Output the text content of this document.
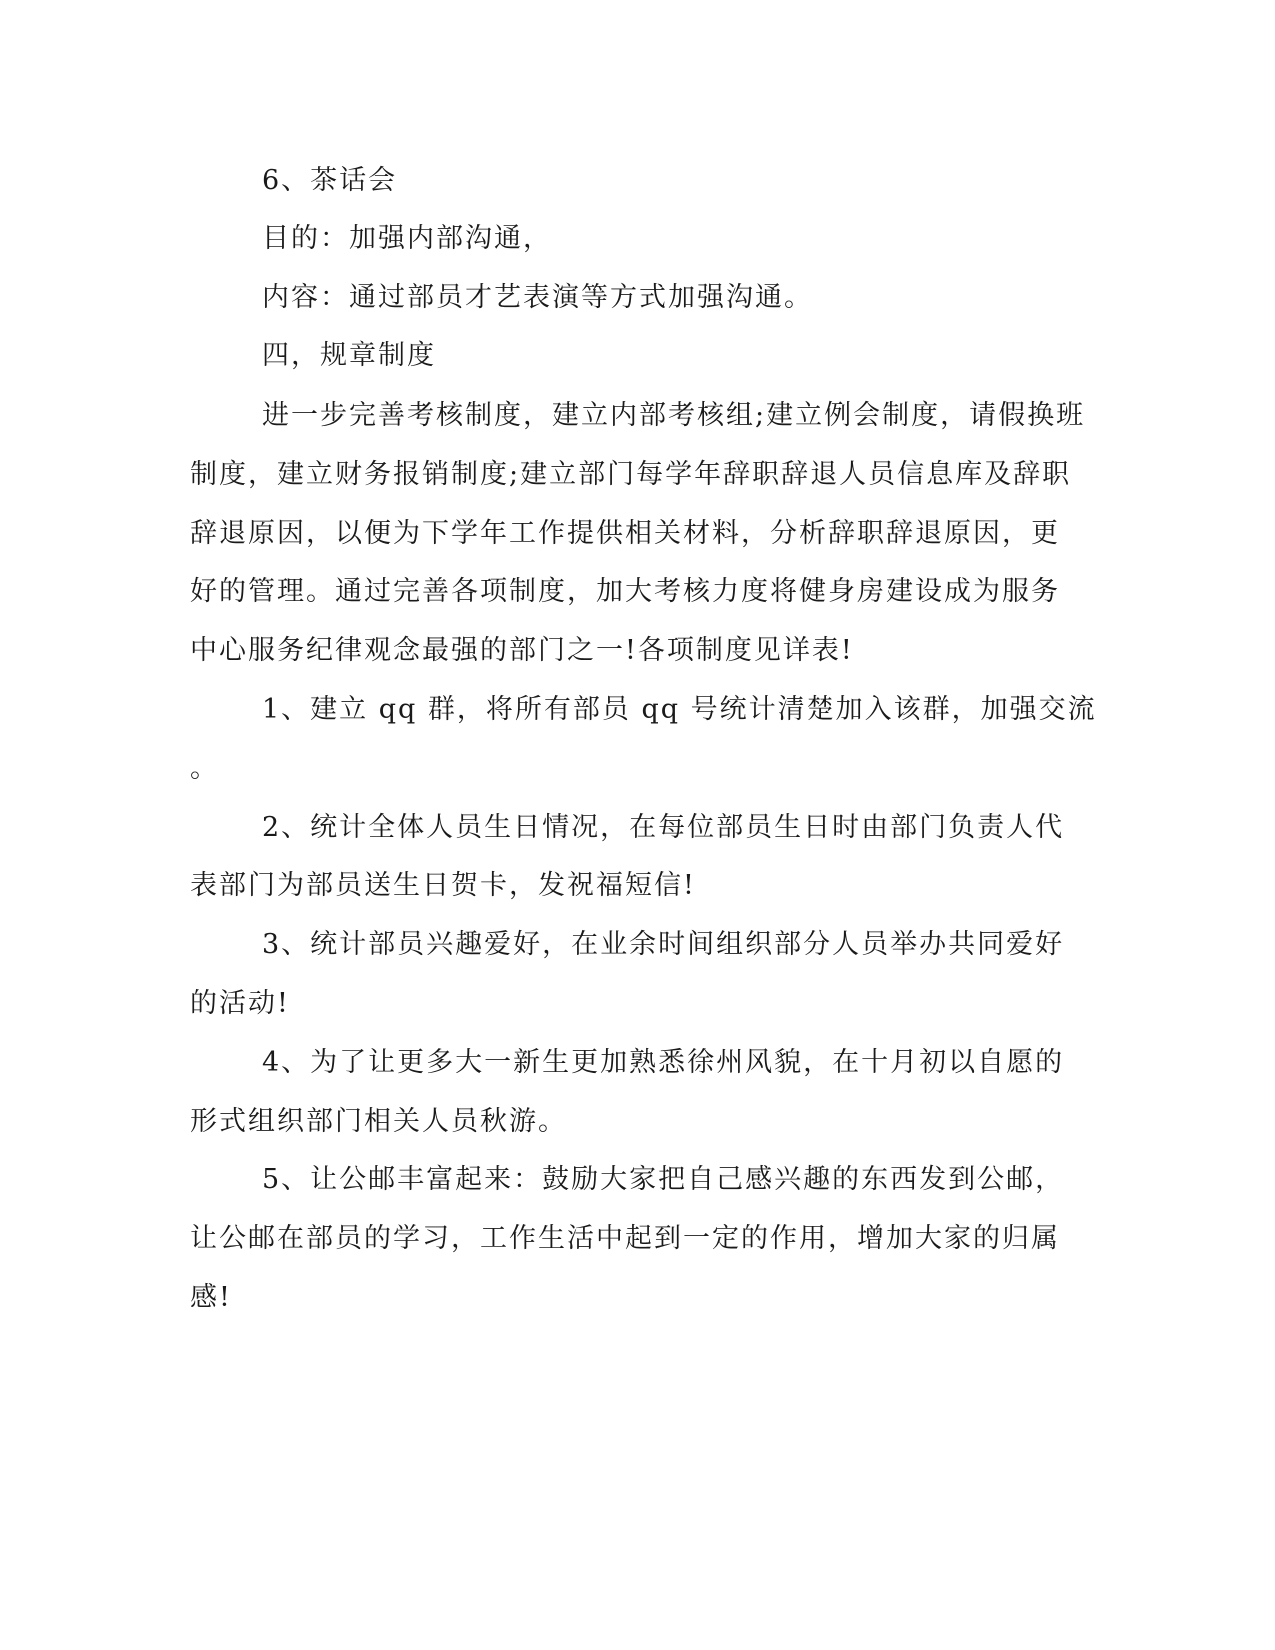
6、茶话会
目的：加强内部沟通，
内容：通过部员才艺表演等方式加强沟通。
四，规章制度
进一步完善考核制度，建立内部考核组;建立例会制度，请假换班
制度，建立财务报销制度;建立部门每学年辞职辞退人员信息库及辞职
辞退原因，以便为下学年工作提供相关材料，分析辞职辞退原因，更
好的管理。通过完善各项制度，加大考核力度将健身房建设成为服务
中心服务纪律观念最强的部门之一!各项制度见详表!
1、建立 qq 群，将所有部员 qq 号统计清楚加入该群，加强交流
。
2、统计全体人员生日情况，在每位部员生日时由部门负责人代
表部门为部员送生日贺卡，发祝福短信!
3、统计部员兴趣爱好，在业余时间组织部分人员举办共同爱好
的活动!
4、为了让更多大一新生更加熟悉徐州风貌，在十月初以自愿的
形式组织部门相关人员秋游。
5、让公邮丰富起来：鼓励大家把自己感兴趣的东西发到公邮，
让公邮在部员的学习，工作生活中起到一定的作用，增加大家的归属
感!
